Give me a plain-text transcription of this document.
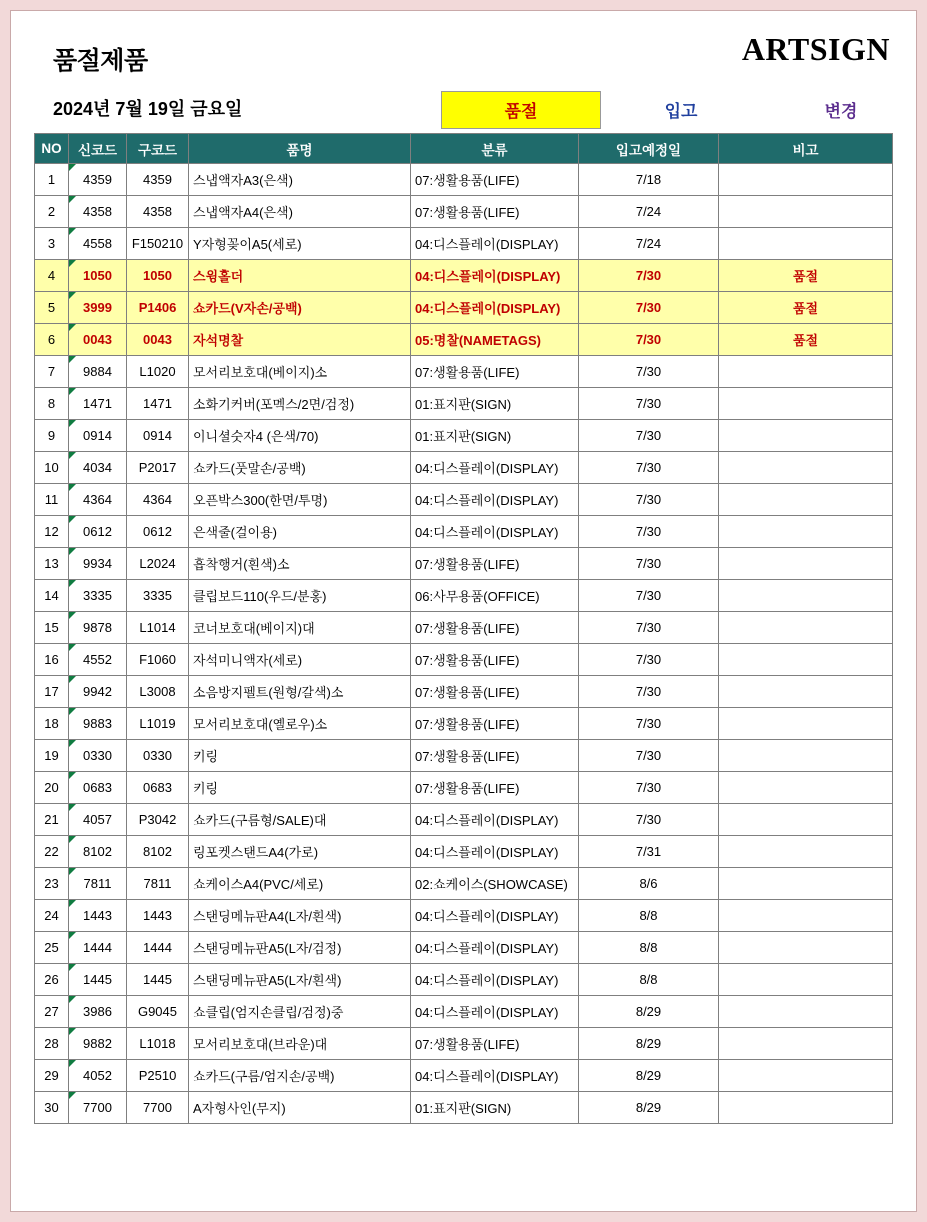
품절제품	ARTSIGN
2024년 7월 19일 금요일	품절	입고	변경
NO	신코드	구코드	품명	분류	입고예정일	비고
1	4359	4359	스냅액자A3(은색)	07:생활용품(LIFE)	7/18	
2	4358	4358	스냅액자A4(은색)	07:생활용품(LIFE)	7/24	
3	4558	F150210	Y자형꽂이A5(세로)	04:디스플레이(DISPLAY)	7/24	
4	1050	1050	스윙홀더	04:디스플레이(DISPLAY)	7/30	품절
5	3999	P1406	쇼카드(V자손/공백)	04:디스플레이(DISPLAY)	7/30	품절
6	0043	0043	자석명찰	05:명찰(NAMETAGS)	7/30	품절
7	9884	L1020	모서리보호대(베이지)소	07:생활용품(LIFE)	7/30	
8	1471	1471	소화기커버(포멕스/2면/검정)	01:표지판(SIGN)	7/30	
9	0914	0914	이니셜숫자4 (은색/70)	01:표지판(SIGN)	7/30	
10	4034	P2017	쇼카드(풋말손/공백)	04:디스플레이(DISPLAY)	7/30	
11	4364	4364	오픈박스300(한면/투명)	04:디스플레이(DISPLAY)	7/30	
12	0612	0612	은색줄(걸이용)	04:디스플레이(DISPLAY)	7/30	
13	9934	L2024	흡착행거(흰색)소	07:생활용품(LIFE)	7/30	
14	3335	3335	클립보드110(우드/분홍)	06:사무용품(OFFICE)	7/30	
15	9878	L1014	코너보호대(베이지)대	07:생활용품(LIFE)	7/30	
16	4552	F1060	자석미니액자(세로)	07:생활용품(LIFE)	7/30	
17	9942	L3008	소음방지펠트(원형/갈색)소	07:생활용품(LIFE)	7/30	
18	9883	L1019	모서리보호대(옐로우)소	07:생활용품(LIFE)	7/30	
19	0330	0330	키링	07:생활용품(LIFE)	7/30	
20	0683	0683	키링	07:생활용품(LIFE)	7/30	
21	4057	P3042	쇼카드(구름형/SALE)대	04:디스플레이(DISPLAY)	7/30	
22	8102	8102	링포켓스탠드A4(가로)	04:디스플레이(DISPLAY)	7/31	
23	7811	7811	쇼케이스A4(PVC/세로)	02:쇼케이스(SHOWCASE)	8/6	
24	1443	1443	스탠딩메뉴판A4(L자/흰색)	04:디스플레이(DISPLAY)	8/8	
25	1444	1444	스탠딩메뉴판A5(L자/검정)	04:디스플레이(DISPLAY)	8/8	
26	1445	1445	스탠딩메뉴판A5(L자/흰색)	04:디스플레이(DISPLAY)	8/8	
27	3986	G9045	쇼클립(엄지손클립/검정)중	04:디스플레이(DISPLAY)	8/29	
28	9882	L1018	모서리보호대(브라운)대	07:생활용품(LIFE)	8/29	
29	4052	P2510	쇼카드(구름/엄지손/공백)	04:디스플레이(DISPLAY)	8/29	
30	7700	7700	A자형사인(무지)	01:표지판(SIGN)	8/29	
